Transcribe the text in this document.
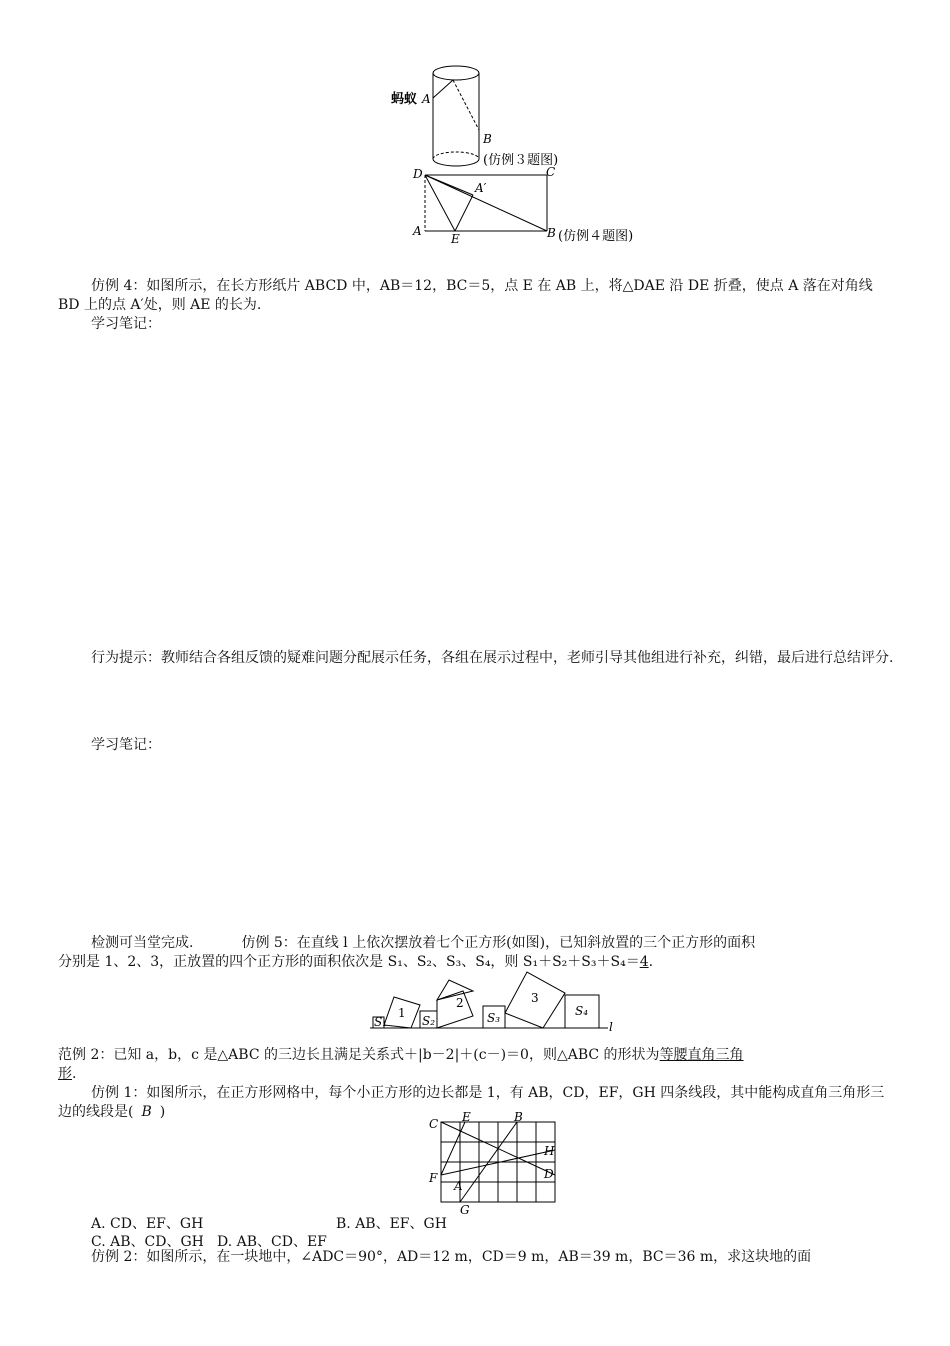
蚂蚁 A
B
(仿例３题图)
D	C
A′
A
E	B (仿例４题图)
仿例 4：如图所示，在长方形纸片 ABCD 中，AB＝12，BC＝5，点 E 在 AB 上，将△DAE 沿 DE 折叠，使点 A 落在对角线 BD 上的点 A′处，则 AE 的长为.
学习笔记：
行为提示：教师结合各组反馈的疑难问题分配展示任务，各组在展示过程中，老师引导其他组进行补充，纠错，最后进行总结评分.
学习笔记：
检测可当堂完成.	仿例 5：在直线 l 上依次摆放着七个正方形(如图)，已知斜放置的三个正方形的面积
分别是 1、2、3，正放置的四个正方形的面积依次是 S₁、S₂、S₃、S₄，则 S₁＋S₂＋S₃＋S₄＝4.
S₁
1
S₂
2
S₃
3
S₄
l
范例 2：已知 a，b，c 是△ABC 的三边长且满足关系式＋|b－2|＋(c－)＝0，则△ABC 的形状为等腰直角三角
形.
仿例 1：如图所示，在正方形网格中，每个小正方形的边长都是 1，有 AB，CD，EF，GH 四条线段，其中能构成直角三角形三边的线段是( B )
C E	B
H
D
F
A
G
A. CD、EF、GH	B. AB、EF、GH
C. AB、CD、GH D. AB、CD、EF
仿例 2：如图所示，在一块地中，∠ADC＝90°，AD＝12 m，CD＝9 m，AB＝39 m，BC＝36 m，求这块地的面
